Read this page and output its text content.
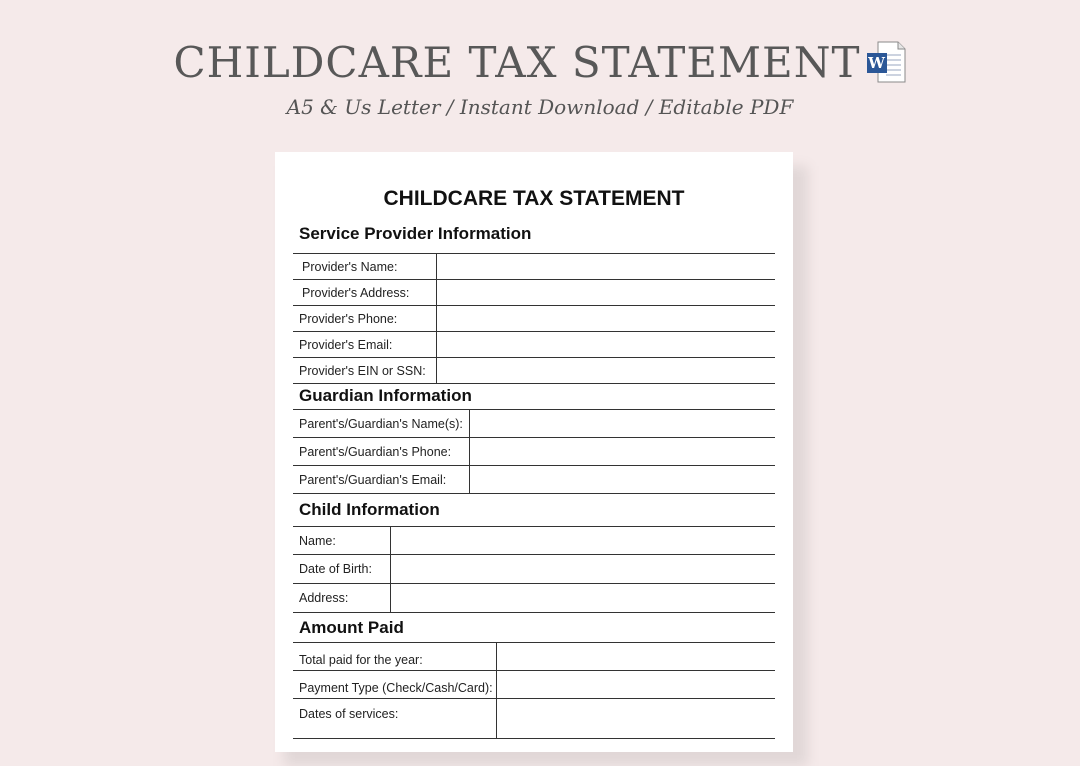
CHILDCARE TAX STATEMENT W
A5 & Us Letter / Instant Download / Editable PDF
CHILDCARE TAX STATEMENT
Service Provider Information
Provider's Name:
Provider's Address:
Provider's Phone:
Provider's Email:
Provider's EIN or SSN:
Guardian Information
Parent's/Guardian's Name(s):
Parent's/Guardian's Phone:
Parent's/Guardian's Email:
Child Information
Name:
Date of Birth:
Address:
Amount Paid
Total paid for the year:
Payment Type (Check/Cash/Card):
Dates of services:
